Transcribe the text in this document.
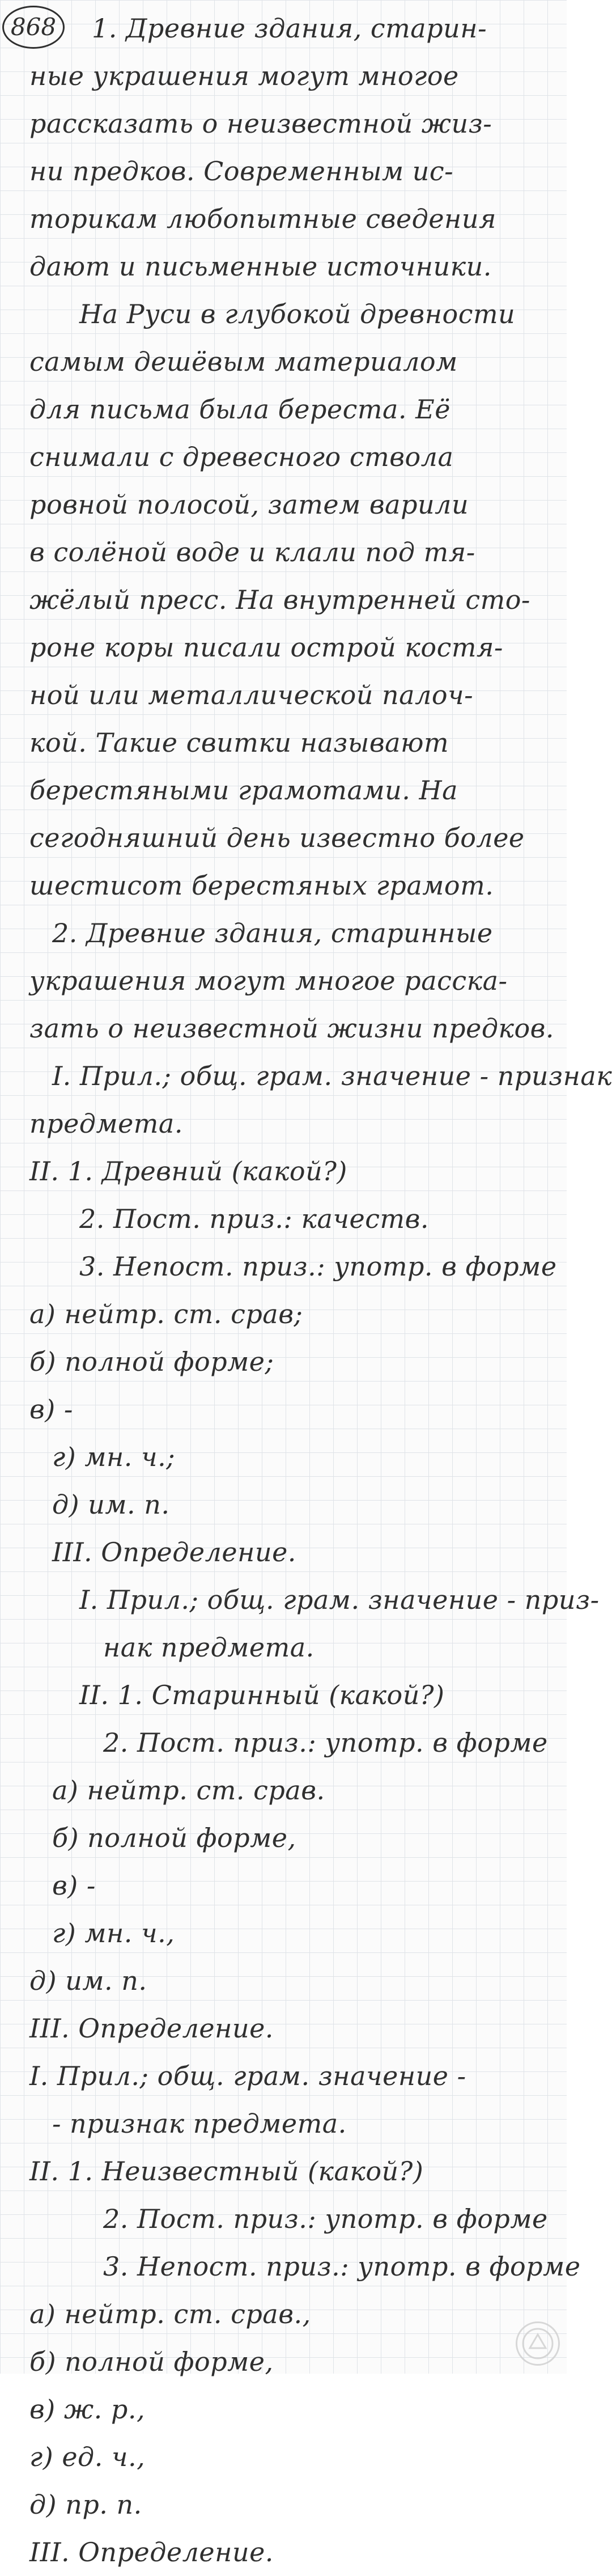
868	1. Древние здания, старин-
ные украшения могут многое
рассказать о неизвестной жиз-
ни предков. Современным ис-
торикам любопытные сведения
дают и письменные источники.
На Руси в глубокой древности
самым дешёвым материалом
для письма была береста. Её
снимали с древесного ствола
ровной полосой, затем варили
в солёной воде и клали под тя-
жёлый пресс. На внутренней сто-
роне коры писали острой костя-
ной или металлической палоч-
кой. Такие свитки называют
берестяными грамотами. На
сегодняшний день известно более
шестисот берестяных грамот.
2. Древние здания, старинные
украшения могут многое расска-
зать о неизвестной жизни предков.
I. Прил.; общ. грам. значение - признак
предмета.
II. 1. Древний (какой?)
2. Пост. приз.: качеств.
3. Непост. приз.: употр. в форме
а) нейтр. ст. срав;
б) полной форме;
в) -
г) мн. ч.;
д) им. п.
III. Определение.
I. Прил.; общ. грам. значение - приз-
нак предмета.
II. 1. Старинный (какой?)
2. Пост. приз.: употр. в форме
а) нейтр. ст. срав.
б) полной форме,
в) -
г) мн. ч.,
д) им. п.
III. Определение.
I. Прил.; общ. грам. значение -
- признак предмета.
II. 1. Неизвестный (какой?)
2. Пост. приз.: употр. в форме
3. Непост. приз.: употр. в форме
а) нейтр. ст. срав.,
б) полной форме,
в) ж. р.,
г) ед. ч.,
д) пр. п.
III. Определение.
